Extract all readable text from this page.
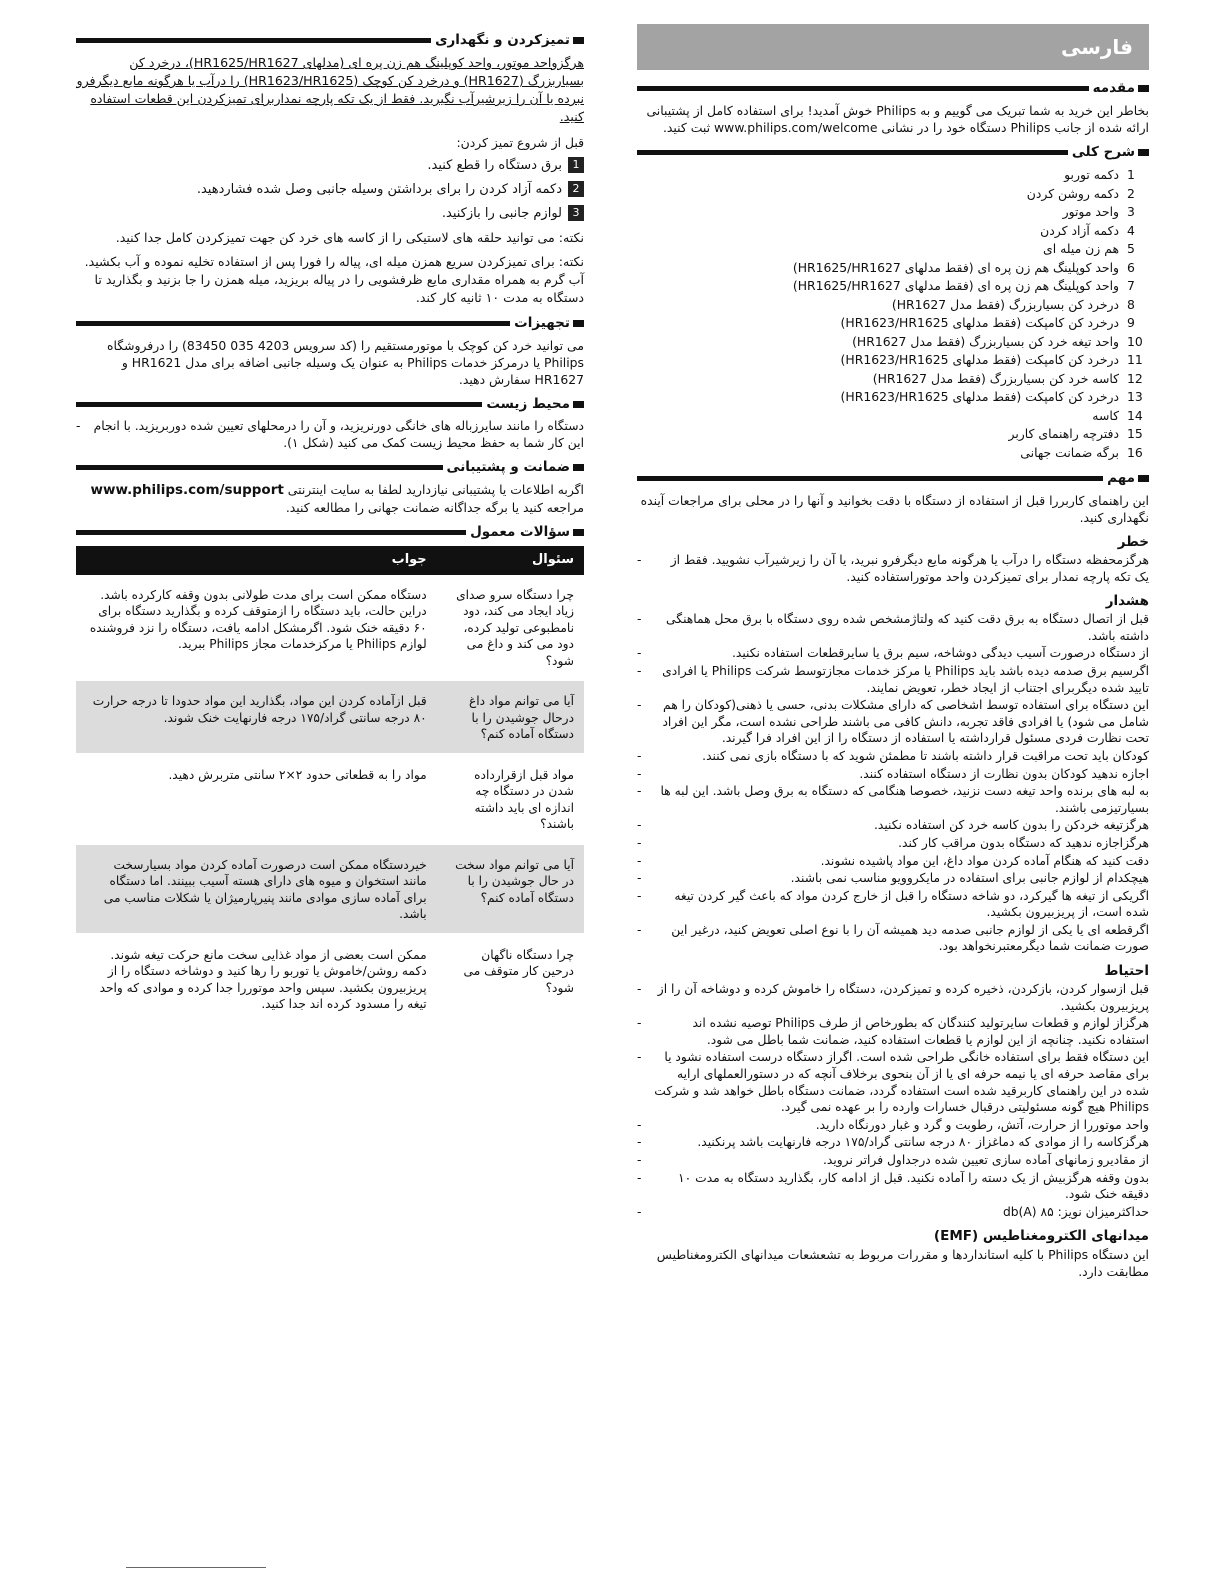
فارسی
مقدمه

بخاطر این خرید به شما تبریک می گوییم و به Philips خوش آمدید! برای استفاده کامل از پشتیبانی ارائه شده از جانب Philips دستگاه خود را در نشانی www.philips.com/welcome ثبت کنید.

شرح کلی
1
دکمه توربو
2
دکمه روشن کردن
3
واحد موتور
4
دکمه آزاد کردن
5
هم زن میله ای
6
واحد کوپلینگ هم زن پره ای (فقط مدلهای HR1625/HR1627)
7
واحد کوپلینگ هم زن پره ای (فقط مدلهای HR1625/HR1627)
8
درخرد کن بسیاربزرگ (فقط مدل HR1627)
9
درخرد کن کامپکت (فقط مدلهای HR1623/HR1625)
10
واحد تیغه خرد کن بسیاربزرگ (فقط مدل HR1627)
11
درخرد کن کامپکت (فقط مدلهای HR1623/HR1625)
12
کاسه خرد کن بسیاربزرگ (فقط مدل HR1627)
13
درخرد کن کامپکت (فقط مدلهای HR1623/HR1625)
14
کاسه
15
دفترچه راهنمای کاربر
16
برگه ضمانت جهانی
مهم

این راهنمای کاربررا قبل از استفاده از دستگاه با دقت بخوانید و آنها را در محلی برای مراجعات آینده نگهداری کنید.

خطر
- هرگزمحفظه دستگاه را درآب یا هرگونه مایع دیگرفرو نبرید، یا آن را زیرشیرآب نشویید. فقط از یک تکه پارچه نمدار برای تمیزکردن واحد موتوراستفاده کنید.
هشدار
- قبل از اتصال دستگاه به برق دقت کنید که ولتاژمشخص شده روی دستگاه با برق محل هماهنگی داشته باشد.
- از دستگاه درصورت آسیب دیدگی دوشاخه، سیم برق یا سایرقطعات استفاده نکنید.
- اگرسیم برق صدمه دیده باشد باید Philips یا مرکز خدمات مجازتوسط شرکت Philips یا افرادی تایید شده دیگربرای اجتناب از ایجاد خطر، تعویض نمایند.
- این دستگاه برای استفاده توسط اشخاصی که دارای مشکلات بدنی، حسی یا ذهنی(کودکان را هم شامل می شود) یا افرادی فاقد تجربه، دانش کافی می باشند طراحی نشده است، مگر این افراد تحت نظارت فردی مسئول قرارداشته یا استفاده از دستگاه را از این افراد فرا گیرند.
- کودکان باید تحت مراقبت قرار داشته باشند تا مطمئن شوید که با دستگاه بازی نمی کنند.
- اجازه ندهید کودکان بدون نظارت از دستگاه استفاده کنند.
- به لبه های برنده واحد تیغه دست نزنید، خصوصا هنگامی که دستگاه به برق وصل باشد. این لبه ها بسیارتیزمی باشند.
- هرگزتیغه خردکن را بدون کاسه خرد کن استفاده نکنید.
- هرگزاجازه ندهید که دستگاه بدون مراقب کار کند.
- دقت کنید که هنگام آماده کردن مواد داغ، این مواد پاشیده نشوند.
- هیچکدام از لوازم جانبی برای استفاده در مایکروویو مناسب نمی باشند.
- اگریکی از تیغه ها گیرکرد، دو شاخه دستگاه را قبل از خارج کردن مواد که باعث گیر کردن تیغه شده است، از پریزبیرون بکشید.
- اگرقطعه ای یا یکی از لوازم جانبی صدمه دید همیشه آن را با نوع اصلی تعویض کنید، درغیر این صورت ضمانت شما دیگرمعتبرنخواهد بود.
احتیاط
- قبل ازسوار کردن، بازکردن، ذخیره کرده و تمیزکردن، دستگاه را خاموش کرده و دوشاخه آن را از پریزبیرون بکشید.
- هرگزاز لوازم و قطعات سایرتولید کنندگان که بطورخاص از طرف Philips توصیه نشده اند استفاده نکنید. چنانچه از این لوازم یا قطعات استفاده کنید، ضمانت شما باطل می شود.
- این دستگاه فقط برای استفاده خانگی طراحی شده است. اگراز دستگاه درست استفاده نشود یا برای مقاصد حرفه ای یا نیمه حرفه ای یا از آن بنحوی برخلاف آنچه که در دستورالعملهای ارایه شده در این راهنمای کاربرقید شده است استفاده گردد، ضمانت دستگاه باطل خواهد شد و شرکت Philips هیچ گونه مسئولیتی درقبال خسارات وارده را بر عهده نمی گیرد.
- واحد موتوررا از حرارت، آتش، رطوبت و گرد و غبار دورنگاه دارید.
- هرگزکاسه را از موادی که دماغزاز ۸۰ درجه سانتی گراد/۱۷۵ درجه فارنهایت باشد پرنکنید.
- از مقادیرو زمانهای آماده سازی تعیین شده درجداول فراتر نروید.
- بدون وقفه هرگزبیش از یک دسته را آماده نکنید. قبل از ادامه کار، بگذارید دستگاه به مدت ۱۰ دقیقه خنک شود.
- حداکثرمیزان نویز: ۸۵ db(A)
میدانهای الکترومغناطیس (EMF)

این دستگاه Philips با کلیه استانداردها و مقررات مربوط به تشعشعات میدانهای الکترومغناطیس مطابقت دارد.

تمیزکردن و نگهداری
هرگزواحد موتور، واحد کوپلینگ هم زن پره ای (مدلهای HR1625/HR1627)، درخرد کن بسیاربزرگ (HR1627) و درخرد کن کوچک (HR1623/HR1625) را درآب یا هرگونه مایع دیگرفرو نبرده یا آن را زیرشیرآب نگیرید. فقط از یک تکه پارچه نمداربرای تمیزکردن این قطعات استفاده کنید.

قبل از شروع تمیز کردن:

1
برق دستگاه را قطع کنید.
2
دکمه آزاد کردن را برای برداشتن وسیله جانبی وصل شده فشاردهید.
3
لوازم جانبی را بازکنید.
نکته: می توانید حلقه های لاستیکی را از کاسه های خرد کن جهت تمیزکردن کامل جدا کنید.
نکته: برای تمیزکردن سریع همزن میله ای، پیاله را فورا پس از استفاده تخلیه نموده و آب بکشید. آب گرم به همراه مقداری مایع ظرفشویی را در پیاله بریزید، میله همزن را جا بزنید و بگذارید تا دستگاه به مدت ۱۰ ثانیه کار کند.
تجهیزات

می توانید خرد کن کوچک با موتورمستقیم را (کد سرویس 4203 035 83450) را درفروشگاه Philips یا درمرکز خدمات Philips به عنوان یک وسیله جانبی اضافه برای مدل HR1621 و HR1627 سفارش دهید.

محیط زیست
- دستگاه را مانند سایرزباله های خانگی دورنریزید، و آن را درمحلهای تعیین شده دوربریزید. با انجام این کار شما به حفظ محیط زیست کمک می کنید (شکل ۱).
ضمانت و پشتیبانی

اگربه اطلاعات یا پشتیبانی نیازدارید لطفا به سایت اینترنتی www.philips.com/support مراجعه کنید یا برگه جداگانه ضمانت جهانی را مطالعه کنید.

سؤالات معمول
سئوال	جواب
چرا دستگاه سرو صدای زیاد ایجاد می کند، دود نامطبوعی تولید کرده، دود می کند و داغ می شود؟	دستگاه ممکن است برای مدت طولانی بدون وقفه کارکرده باشد. دراین حالت، باید دستگاه را ازمتوقف کرده و بگذارید دستگاه برای ۶۰ دقیقه خنک شود. اگرمشکل ادامه یافت، دستگاه را نزد فروشنده لوازم Philips یا مرکزخدمات مجاز Philips ببرید.
آیا می توانم مواد داغ درحال جوشیدن را با دستگاه آماده کنم؟	قبل ازآماده کردن این مواد، بگذارید این مواد حدودا تا درجه حرارت ۸۰ درجه سانتی گراد/۱۷۵ درجه فارنهایت خنک شوند.
مواد قبل ازقرارداده شدن در دستگاه چه اندازه ای باید داشته باشند؟	مواد را به قطعاتی حدود ۲×۲ سانتی متربرش دهید.
آیا می توانم مواد سخت در حال جوشیدن را با دستگاه آماده کنم؟	خیردستگاه ممکن است درصورت آماده کردن مواد بسیارسخت مانند استخوان و میوه های دارای هسته آسیب ببینند. اما دستگاه برای آماده سازی موادی مانند پنیرپارمیژان یا شکلات مناسب می باشد.
چرا دستگاه ناگهان درحین کار متوقف می شود؟	ممکن است بعضی از مواد غذایی سخت مانع حرکت تیغه شوند. دکمه روشن/خاموش یا توربو را رها کنید و دوشاخه دستگاه را از پریزبیرون بکشید. سپس واحد موتوررا جدا کرده و موادی که واحد تیغه را مسدود کرده اند جدا کنید.
